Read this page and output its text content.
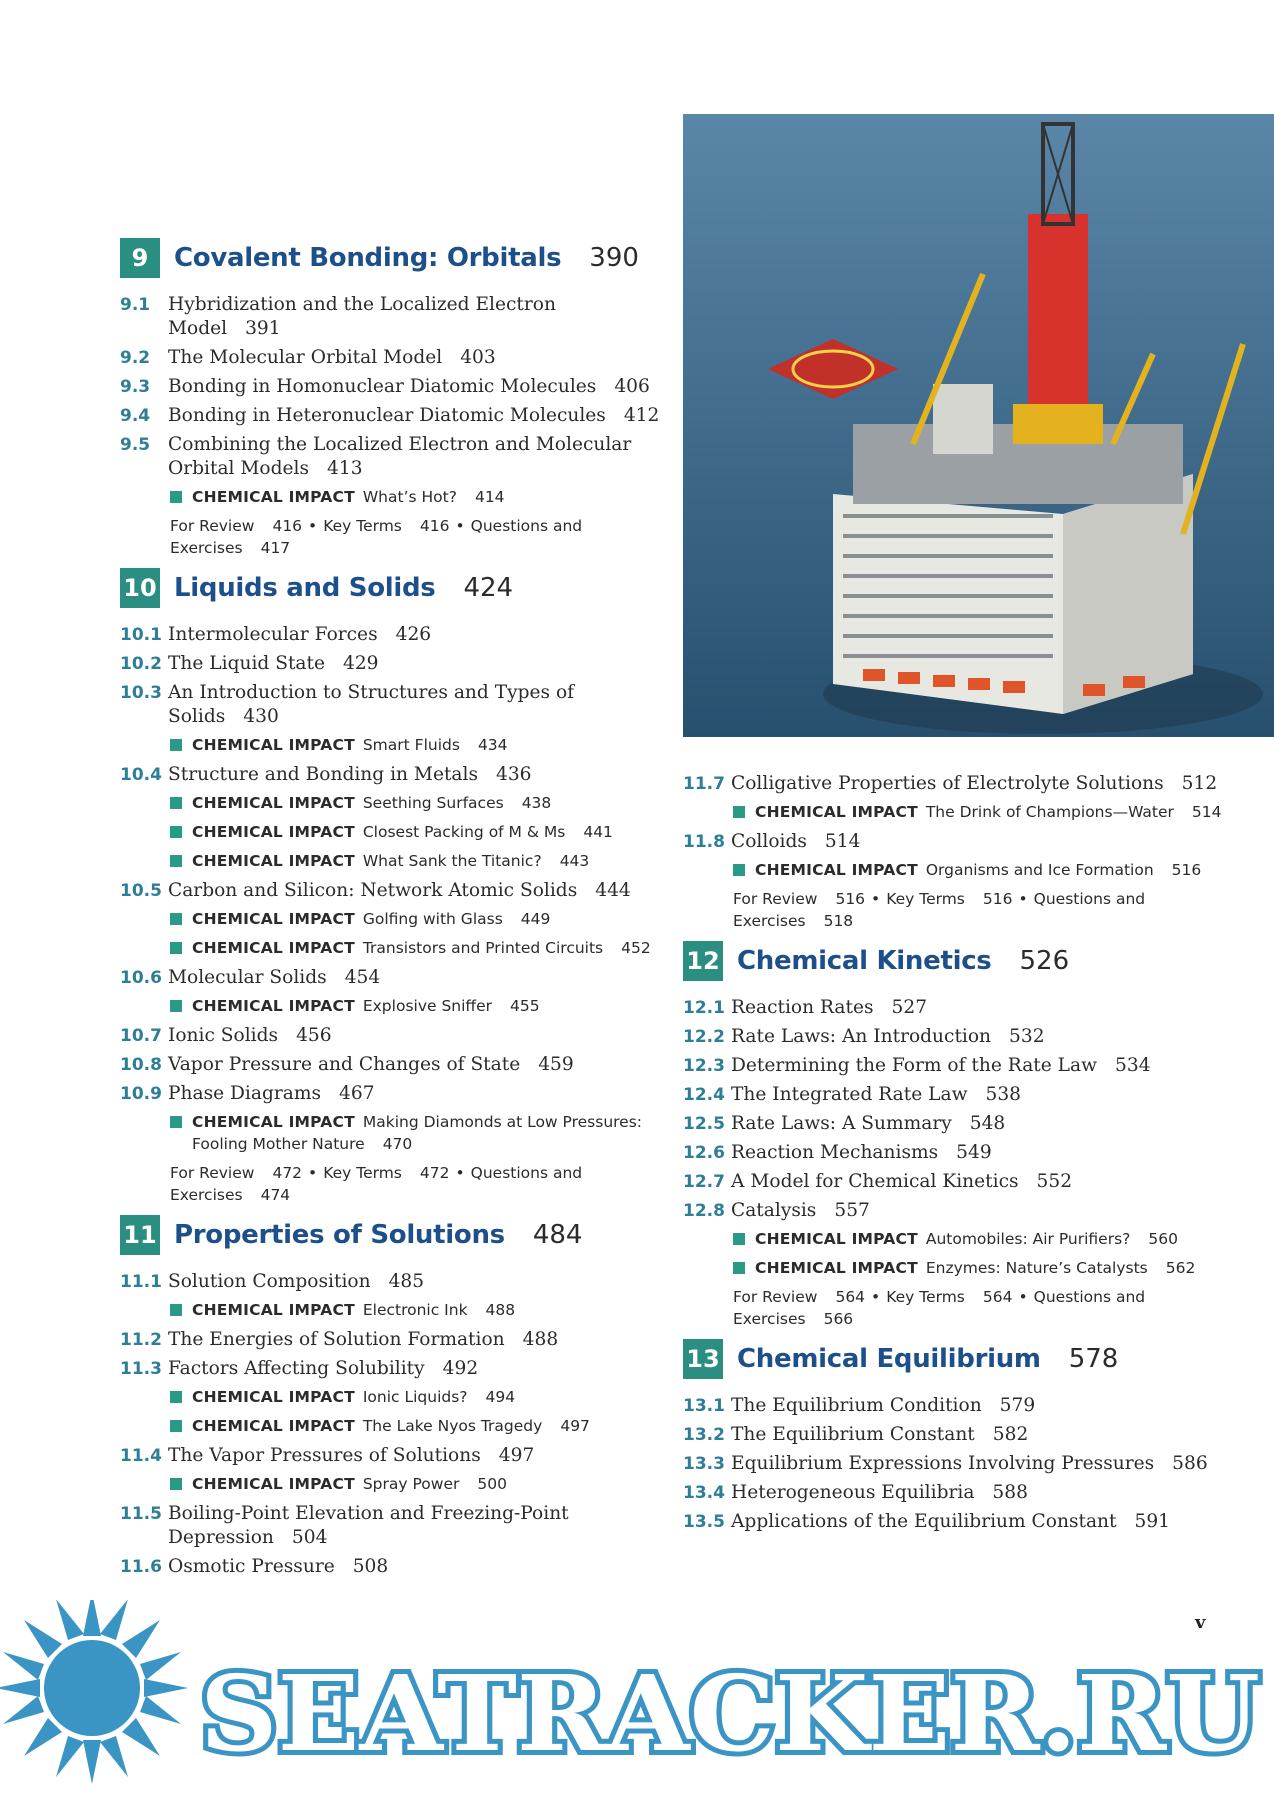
9 Covalent Bonding: Orbitals 390
9.1 Hybridization and the Localized Electron Model 391
9.2 The Molecular Orbital Model 403
9.3 Bonding in Homonuclear Diatomic Molecules 406
9.4 Bonding in Heteronuclear Diatomic Molecules 412
9.5 Combining the Localized Electron and Molecular Orbital Models 413
CHEMICAL IMPACT What’s Hot? 414
For Review 416 • Key Terms 416 • Questions and Exercises 417
10 Liquids and Solids 424
10.1 Intermolecular Forces 426
10.2 The Liquid State 429
10.3 An Introduction to Structures and Types of Solids 430
CHEMICAL IMPACT Smart Fluids 434
10.4 Structure and Bonding in Metals 436
CHEMICAL IMPACT Seething Surfaces 438
CHEMICAL IMPACT Closest Packing of M & Ms 441
CHEMICAL IMPACT What Sank the Titanic? 443
10.5 Carbon and Silicon: Network Atomic Solids 444
CHEMICAL IMPACT Golfing with Glass 449
CHEMICAL IMPACT Transistors and Printed Circuits 452
10.6 Molecular Solids 454
CHEMICAL IMPACT Explosive Sniffer 455
10.7 Ionic Solids 456
10.8 Vapor Pressure and Changes of State 459
10.9 Phase Diagrams 467
CHEMICAL IMPACT Making Diamonds at Low Pressures: Fooling Mother Nature 470
For Review 472 • Key Terms 472 • Questions and Exercises 474
11 Properties of Solutions 484
11.1 Solution Composition 485
CHEMICAL IMPACT Electronic Ink 488
11.2 The Energies of Solution Formation 488
11.3 Factors Affecting Solubility 492
CHEMICAL IMPACT Ionic Liquids? 494
CHEMICAL IMPACT The Lake Nyos Tragedy 497
11.4 The Vapor Pressures of Solutions 497
CHEMICAL IMPACT Spray Power 500
11.5 Boiling-Point Elevation and Freezing-Point Depression 504
11.6 Osmotic Pressure 508
11.7 Colligative Properties of Electrolyte Solutions 512
CHEMICAL IMPACT The Drink of Champions—Water 514
11.8 Colloids 514
CHEMICAL IMPACT Organisms and Ice Formation 516
For Review 516 • Key Terms 516 • Questions and Exercises 518
12 Chemical Kinetics 526
12.1 Reaction Rates 527
12.2 Rate Laws: An Introduction 532
12.3 Determining the Form of the Rate Law 534
12.4 The Integrated Rate Law 538
12.5 Rate Laws: A Summary 548
12.6 Reaction Mechanisms 549
12.7 A Model for Chemical Kinetics 552
12.8 Catalysis 557
CHEMICAL IMPACT Automobiles: Air Purifiers? 560
CHEMICAL IMPACT Enzymes: Nature’s Catalysts 562
For Review 564 • Key Terms 564 • Questions and Exercises 566
13 Chemical Equilibrium 578
13.1 The Equilibrium Condition 579
13.2 The Equilibrium Constant 582
13.3 Equilibrium Expressions Involving Pressures 586
13.4 Heterogeneous Equilibria 588
13.5 Applications of the Equilibrium Constant 591
v
SEATRACKER.RU
